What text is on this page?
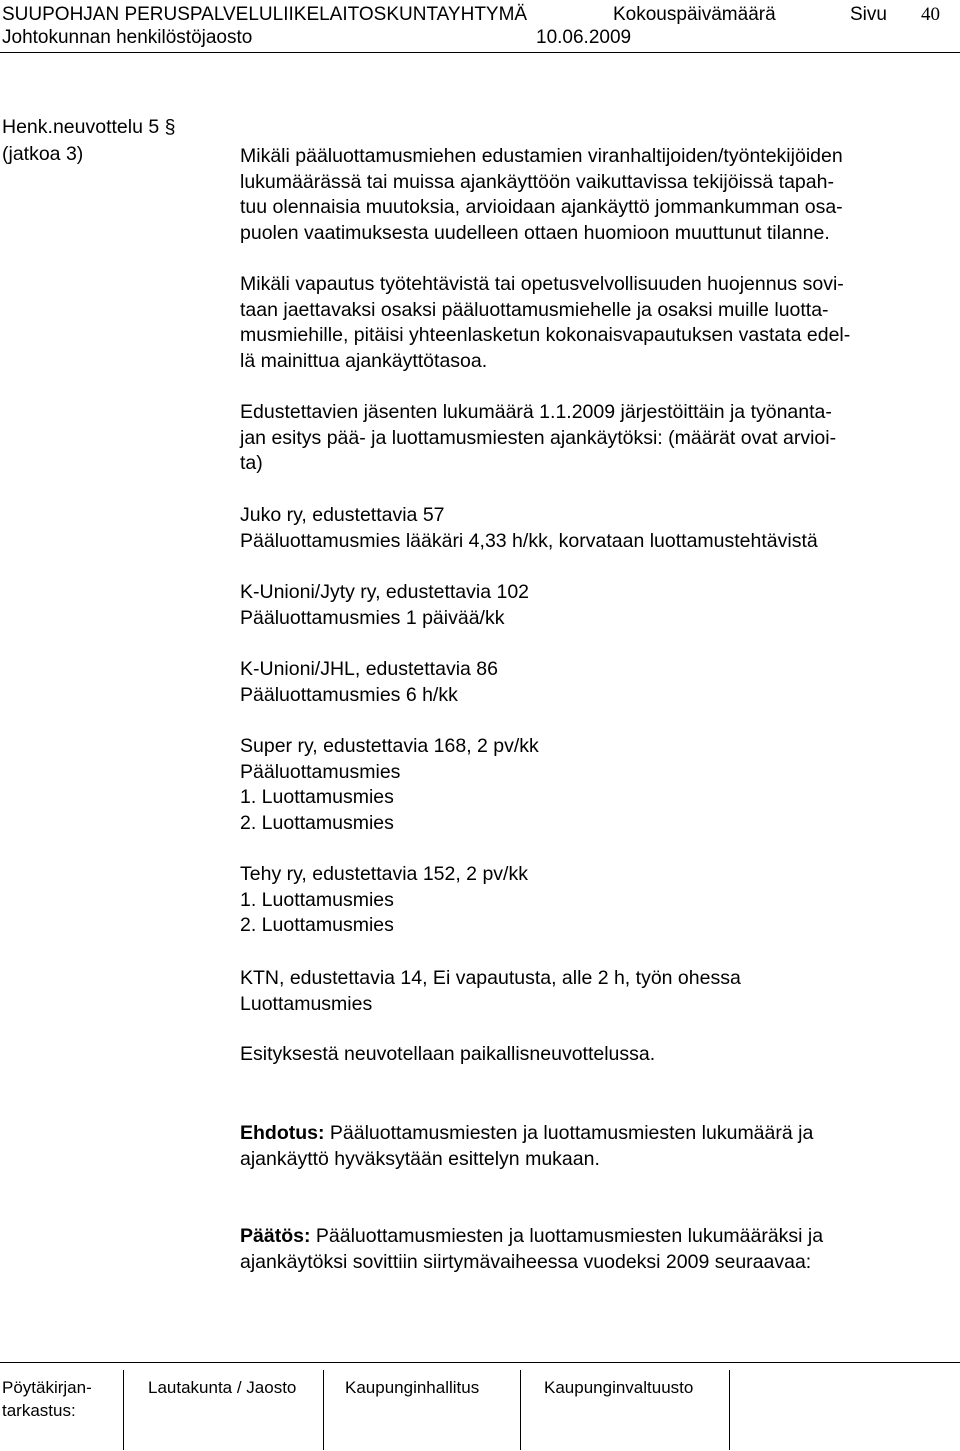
SUUPOHJAN PERUSPALVELULIIKELAITOSKUNTAYHTYMÄ	Kokouspäivämäärä	Sivu 40
Johtokunnan henkilöstöjaosto	10.06.2009
Henk.neuvottelu 5 §
(jatkoa 3)	Mikäli pääluottamusmiehen edustamien viranhaltijoiden/työntekijöiden

lukumäärässä tai muissa ajankäyttöön vaikuttavissa tekijöissä tapah-

tuu olennaisia muutoksia, arvioidaan ajankäyttö jommankumman osa-

puolen vaatimuksesta uudelleen ottaen huomioon muuttunut tilanne.

Mikäli vapautus työtehtävistä tai opetusvelvollisuuden huojennus sovi-

taan jaettavaksi osaksi pääluottamusmiehelle ja osaksi muille luotta-

musmiehille, pitäisi yhteenlasketun kokonaisvapautuksen vastata edel-

lä mainittua ajankäyttötasoa.

Edustettavien jäsenten lukumäärä 1.1.2009 järjestöittäin ja työnanta-

jan esitys pää- ja luottamusmiesten ajankäytöksi: (määrät ovat arvioi-

ta)

Juko ry, edustettavia 57

Pääluottamusmies lääkäri 4,33 h/kk, korvataan luottamustehtävistä

K-Unioni/Jyty ry, edustettavia 102

Pääluottamusmies 1 päivää/kk

K-Unioni/JHL, edustettavia 86

Pääluottamusmies 6 h/kk

Super ry, edustettavia 168, 2 pv/kk

Pääluottamusmies

1. Luottamusmies

2. Luottamusmies

Tehy ry, edustettavia 152, 2 pv/kk

1. Luottamusmies

2. Luottamusmies

KTN, edustettavia 14, Ei vapautusta, alle 2 h, työn ohessa

Luottamusmies

Esityksestä neuvotellaan paikallisneuvottelussa.

Ehdotus: Pääluottamusmiesten ja luottamusmiesten lukumäärä ja

ajankäyttö hyväksytään esittelyn mukaan.

Päätös: Pääluottamusmiesten ja luottamusmiesten lukumääräksi ja

ajankäytöksi sovittiin siirtymävaiheessa vuodeksi 2009 seuraavaa:

Pöytäkirjan-
tarkastus:
Lautakunta / Jaosto	Kaupunginhallitus	Kaupunginvaltuusto
